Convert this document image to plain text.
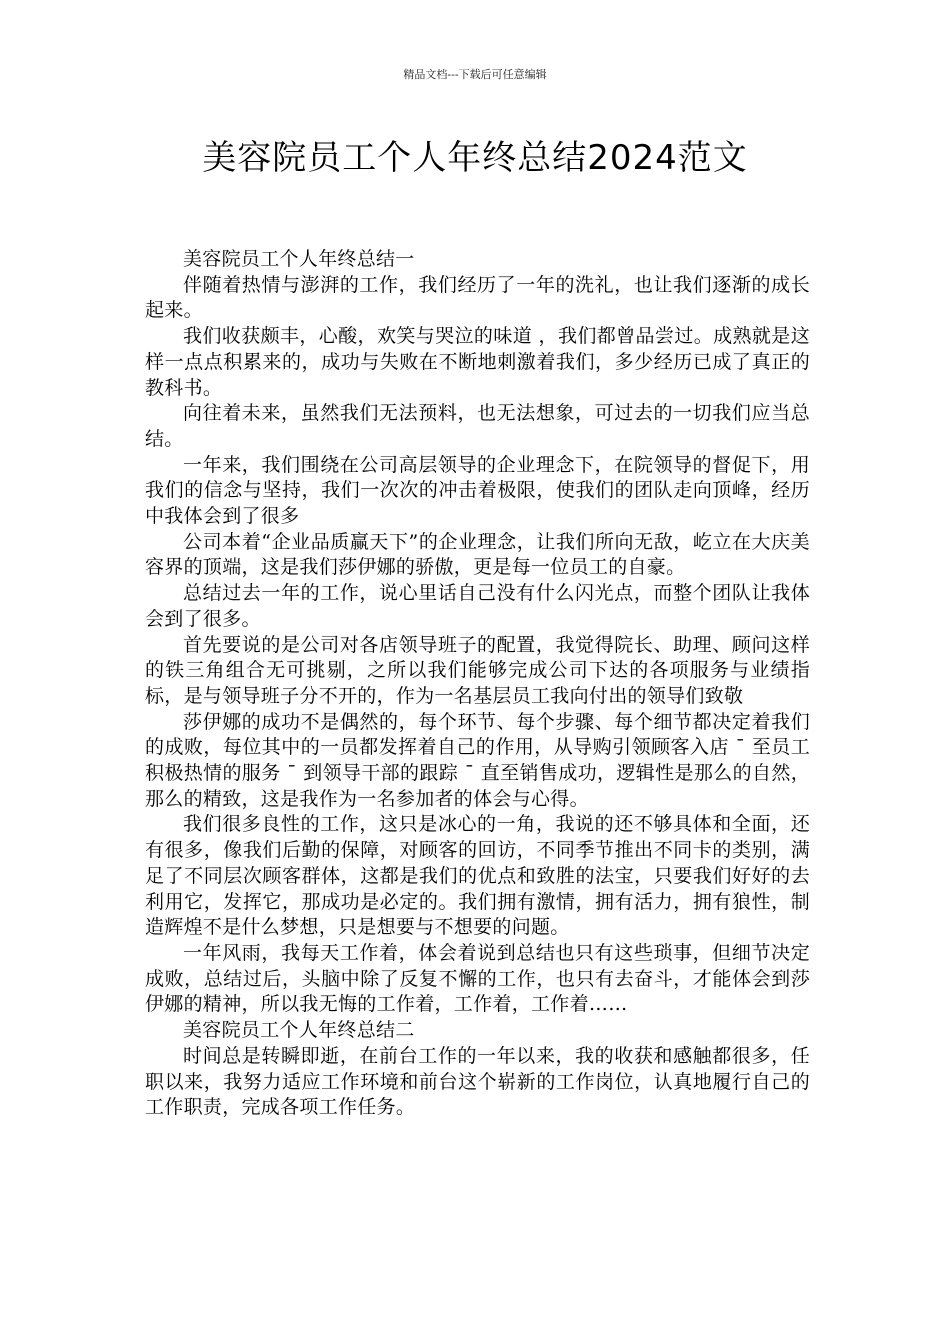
精品文档---下载后可任意编辑
美容院员工个人年终总结2024范文

美容院员工个人年终总结一

伴随着热情与澎湃的工作，我们经历了一年的洗礼，也让我们逐渐的成长起来。

我们收获颇丰，心酸，欢笑与哭泣的味道 ，我们都曾品尝过。成熟就是这样一点点积累来的，成功与失败在不断地刺激着我们，多少经历已成了真正的教科书。

向往着未来，虽然我们无法预料，也无法想象，可过去的一切我们应当总结。

一年来，我们围绕在公司高层领导的企业理念下，在院领导的督促下，用我们的信念与坚持，我们一次次的冲击着极限，使我们的团队走向顶峰，经历中我体会到了很多

公司本着“企业品质赢天下”的企业理念，让我们所向无敌，屹立在大庆美容界的顶端，这是我们莎伊娜的骄傲，更是每一位员工的自豪。

总结过去一年的工作，说心里话自己没有什么闪光点，而整个团队让我体会到了很多。

首先要说的是公司对各店领导班子的配置，我觉得院长、助理、顾问这样的铁三角组合无可挑剔，之所以我们能够完成公司下达的各项服务与业绩指标，是与领导班子分不开的，作为一名基层员工我向付出的领导们致敬

莎伊娜的成功不是偶然的，每个环节、每个步骤、每个细节都决定着我们的成败，每位其中的一员都发挥着自己的作用，从导购引领顾客入店 ¯ 至员工积极热情的服务 ¯ 到领导干部的跟踪 ¯ 直至销售成功，逻辑性是那么的自然，那么的精致，这是我作为一名参加者的体会与心得。

我们很多良性的工作，这只是冰心的一角，我说的还不够具体和全面，还有很多，像我们后勤的保障，对顾客的回访，不同季节推出不同卡的类别，满足了不同层次顾客群体，这都是我们的优点和致胜的法宝，只要我们好好的去利用它，发挥它，那成功是必定的。我们拥有激情，拥有活力，拥有狼性，制造辉煌不是什么梦想，只是想要与不想要的问题。

一年风雨，我每天工作着，体会着说到总结也只有这些琐事，但细节决定成败，总结过后，头脑中除了反复不懈的工作，也只有去奋斗，才能体会到莎伊娜的精神，所以我无悔的工作着，工作着，工作着……

美容院员工个人年终总结二

时间总是转瞬即逝，在前台工作的一年以来，我的收获和感触都很多，任职以来，我努力适应工作环境和前台这个崭新的工作岗位，认真地履行自己的工作职责，完成各项工作任务。
